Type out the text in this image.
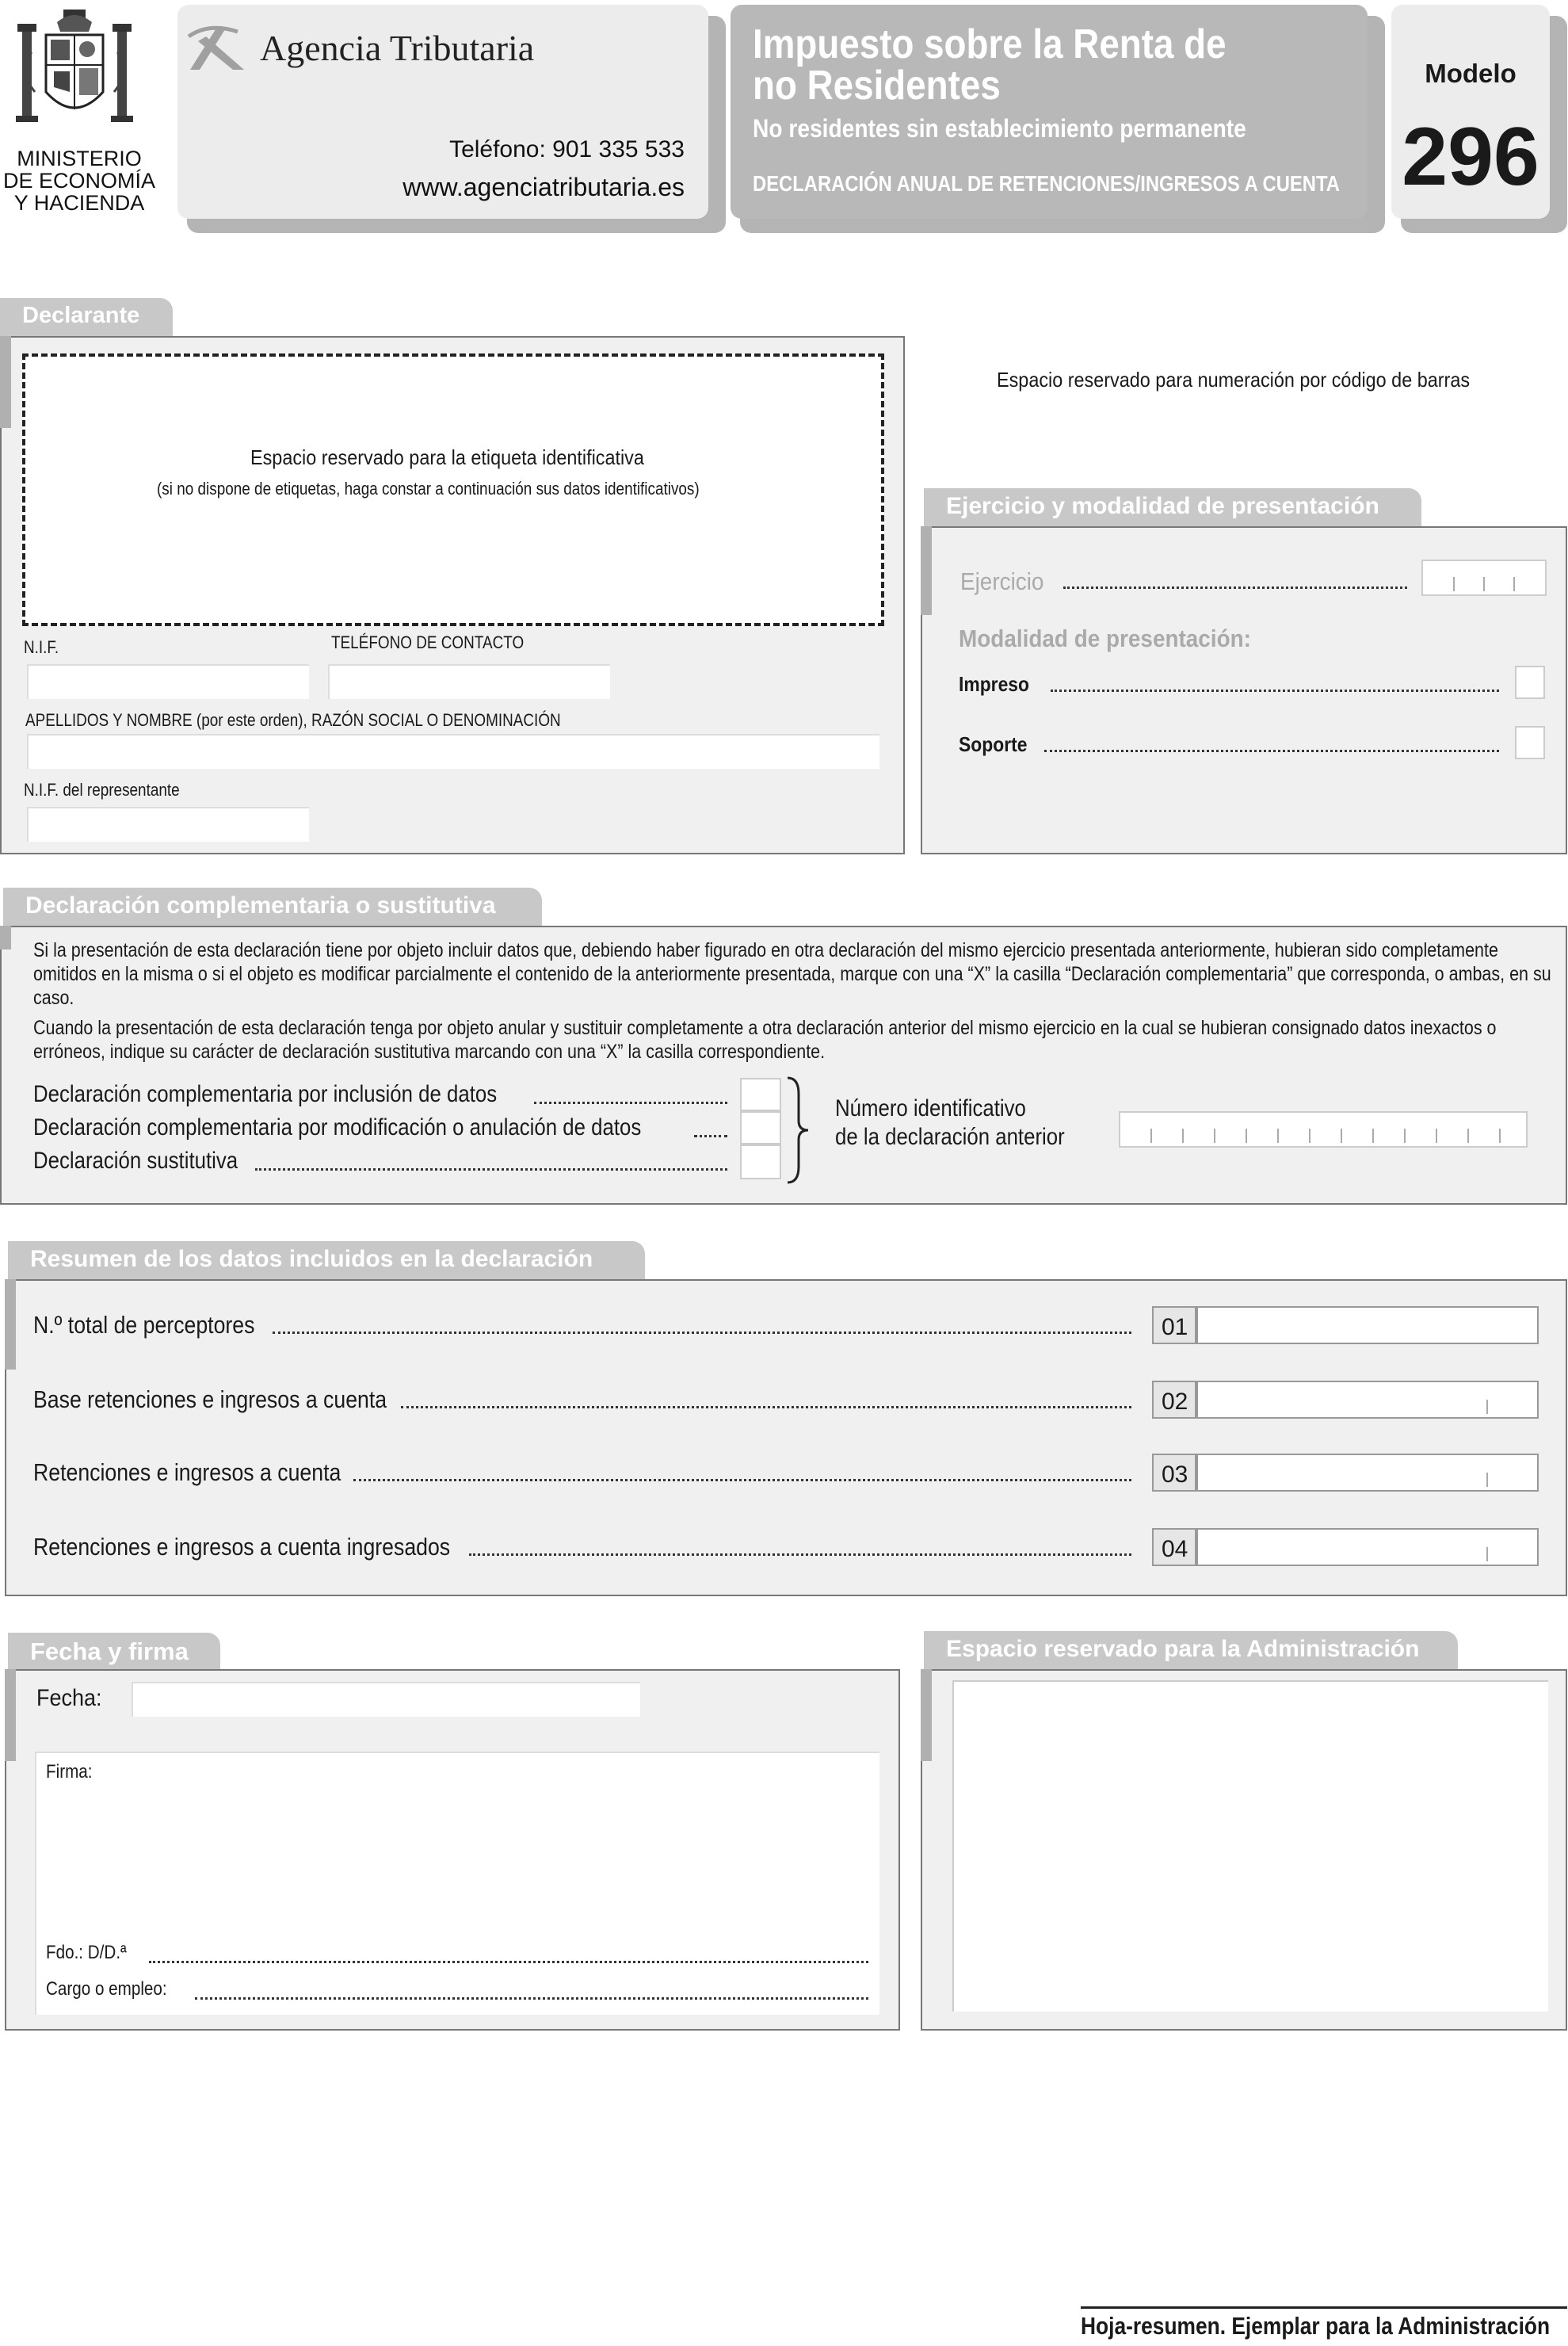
MINISTERIO
DE ECONOMÍA
Y HACIENDA
Agencia Tributaria
Teléfono: 901 335 533
www.agenciatributaria.es
Impuesto sobre la Renta de
no Residentes
No residentes sin establecimiento permanente
DECLARACIÓN ANUAL DE RETENCIONES/INGRESOS A CUENTA
Modelo
296
Declarante
Espacio reservado para la etiqueta identificativa
(si no dispone de etiquetas, haga constar a continuación sus datos identificativos)
N.I.F.	TELÉFONO DE CONTACTO
APELLIDOS Y NOMBRE (por este orden), RAZÓN SOCIAL O DENOMINACIÓN
N.I.F. del representante
Espacio reservado para numeración por código de barras
Ejercicio y modalidad de presentación
Ejercicio
Modalidad de presentación:
Impreso
Soporte
Declaración complementaria o sustitutiva
Si la presentación de esta declaración tiene por objeto incluir datos que, debiendo haber figurado en otra declaración del mismo ejercicio presentada anteriormente, hubieran sido completamente omitidos en la misma o si el objeto es modificar parcialmente el contenido de la anteriormente presentada, marque con una “X” la casilla “Declaración complementaria” que corresponda, o ambas, en su caso.
Cuando la presentación de esta declaración tenga por objeto anular y sustituir completamente a otra declaración anterior del mismo ejercicio en la cual se hubieran consignado datos inexactos o erróneos, indique su carácter de declaración sustitutiva marcando con una “X” la casilla correspondiente.
Declaración complementaria por inclusión de datos
Declaración complementaria por modificación o anulación de datos
Declaración sustitutiva
Número identificativo
de la declaración anterior
Resumen de los datos incluidos en la declaración
N.º total de perceptores	01
Base retenciones e ingresos a cuenta	02
Retenciones e ingresos a cuenta	03
Retenciones e ingresos a cuenta ingresados	04
Fecha y firma
Fecha:
Firma:
Fdo.: D/D.ª
Cargo o empleo:
Espacio reservado para la Administración
Hoja-resumen. Ejemplar para la Administración
